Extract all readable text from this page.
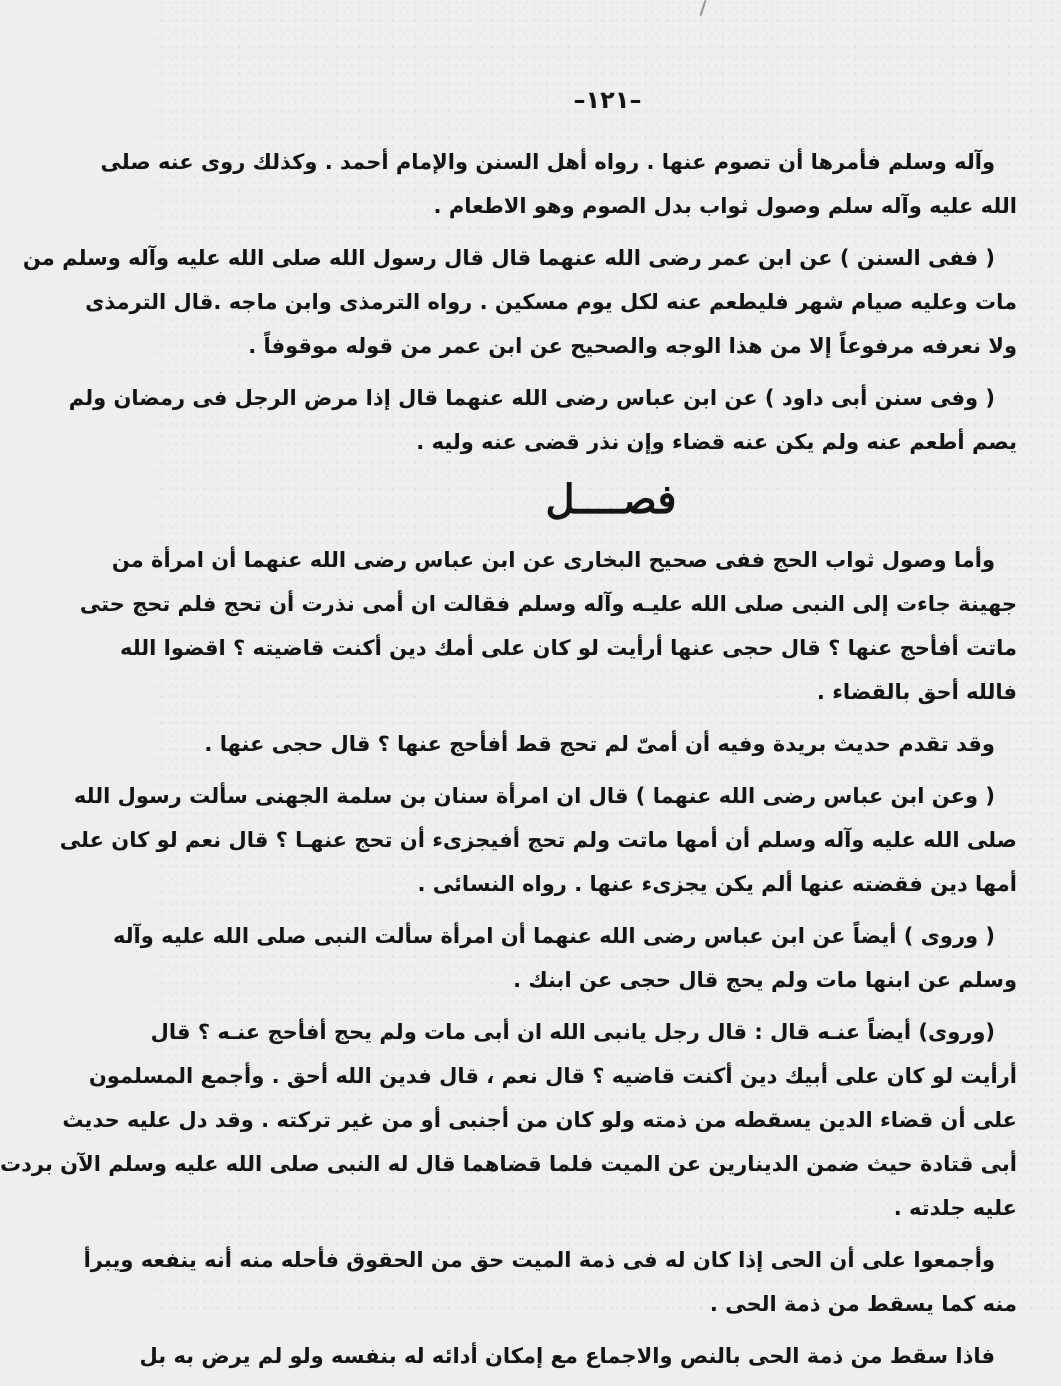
–١٢١–

وآله وسلم فأمرها أن تصوم عنها . رواه أهل السنن والإمام أحمد . وكذلك روى عنه صلى
الله عليه وآله سلم وصول ثواب بدل الصوم وهو الاطعام .

( ففى السنن ) عن ابن عمر رضى الله عنهما قال قال رسول الله صلى الله عليه وآله وسلم من
مات وعليه صيام شهر فليطعم عنه لكل يوم مسكين . رواه الترمذى وابن ماجه .قال الترمذى
ولا نعرفه مرفوعاً إلا من هذا الوجه والصحيح عن ابن عمر من قوله موقوفاً .

( وفى سنن أبى داود ) عن ابن عباس رضى الله عنهما قال إذا مرض الرجل فى رمضان ولم
يصم أطعم عنه ولم يكن عنه قضاء وإن نذر قضى عنه وليه .

فصــــل

وأما وصول ثواب الحج ففى صحيح البخارى عن ابن عباس رضى الله عنهما أن امرأة من
جهينة جاءت إلى النبى صلى الله عليـه وآله وسلم فقالت ان أمى نذرت أن تحج فلم تحج حتى
ماتت أفأحج عنها ؟ قال حجى عنها أرأيت لو كان على أمك دين أكنت قاضيته ؟ اقضوا الله
فالله أحق بالقضاء .

وقد تقدم حديث بريدة وفيه أن أمىّ لم تحج قط أفأحج عنها ؟ قال حجى عنها .

( وعن ابن عباس رضى الله عنهما ) قال ان امرأة سنان بن سلمة الجهنى سألت رسول الله
صلى الله عليه وآله وسلم أن أمها ماتت ولم تحج أفيجزىء أن تحج عنهـا ؟ قال نعم لو كان على
أمها دين فقضته عنها ألم يكن يجزىء عنها . رواه النسائى .

( وروى ) أيضاً عن ابن عباس رضى الله عنهما أن امرأة سألت النبى صلى الله عليه وآله
وسلم عن ابنها مات ولم يحج قال حجى عن ابنك .

(وروى) أيضاً عنـه قال : قال رجل يانبى الله ان أبى مات ولم يحج أفأحج عنـه ؟ قال
أرأيت لو كان على أبيك دين أكنت قاضيه ؟ قال نعم ، قال فدين الله أحق . وأجمع المسلمون
على أن قضاء الدين يسقطه من ذمته ولو كان من أجنبى أو من غير تركته . وقد دل عليه حديث
أبى قتادة حيث ضمن الدينارين عن الميت فلما قضاهما قال له النبى صلى الله عليه وسلم الآن بردت
عليه جلدته .

وأجمعوا على أن الحى إذا كان له فى ذمة الميت حق من الحقوق فأحله منه أنه ينفعه ويبرأ
منه كما يسقط من ذمة الحى .

فاذا سقط من ذمة الحى بالنص والاجماع مع إمكان أدائه له بنفسه ولو لم يرض به بل
